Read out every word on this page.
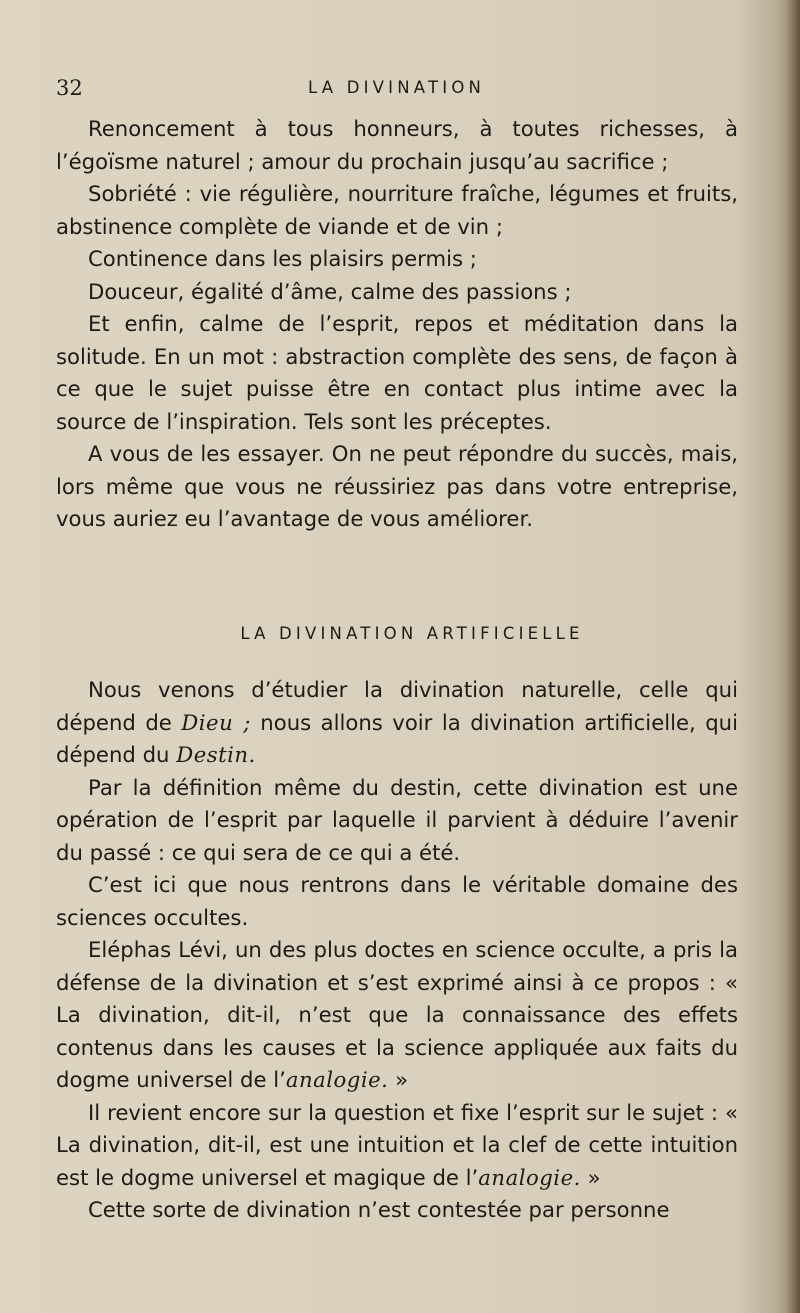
32	LA DIVINATION

Renoncement à tous honneurs, à toutes richesses, à l’égoïsme naturel ; amour du prochain jusqu’au sacrifice ;

Sobriété : vie régulière, nourriture fraîche, légumes et fruits, abstinence complète de viande et de vin ;

Continence dans les plaisirs permis ;

Douceur, égalité d’âme, calme des passions ;

Et enfin, calme de l’esprit, repos et méditation dans la solitude. En un mot : abstraction complète des sens, de façon à ce que le sujet puisse être en contact plus intime avec la source de l’inspiration. Tels sont les préceptes.

A vous de les essayer. On ne peut répondre du succès, mais, lors même que vous ne réussiriez pas dans votre entreprise, vous auriez eu l’avantage de vous améliorer.

LA DIVINATION ARTIFICIELLE

Nous venons d’étudier la divination naturelle, celle qui dépend de Dieu ; nous allons voir la divination artificielle, qui dépend du Destin.

Par la définition même du destin, cette divination est une opération de l’esprit par laquelle il parvient à déduire l’avenir du passé : ce qui sera de ce qui a été.

C’est ici que nous rentrons dans le véritable domaine des sciences occultes.

Eléphas Lévi, un des plus doctes en science occulte, a pris la défense de la divination et s’est exprimé ainsi à ce propos : « La divination, dit-il, n’est que la connaissance des effets contenus dans les causes et la science appliquée aux faits du dogme universel de l’analogie. »

Il revient encore sur la question et fixe l’esprit sur le sujet : « La divination, dit-il, est une intuition et la clef de cette intuition est le dogme universel et magique de l’analogie. »

Cette sorte de divination n’est contestée par personne
